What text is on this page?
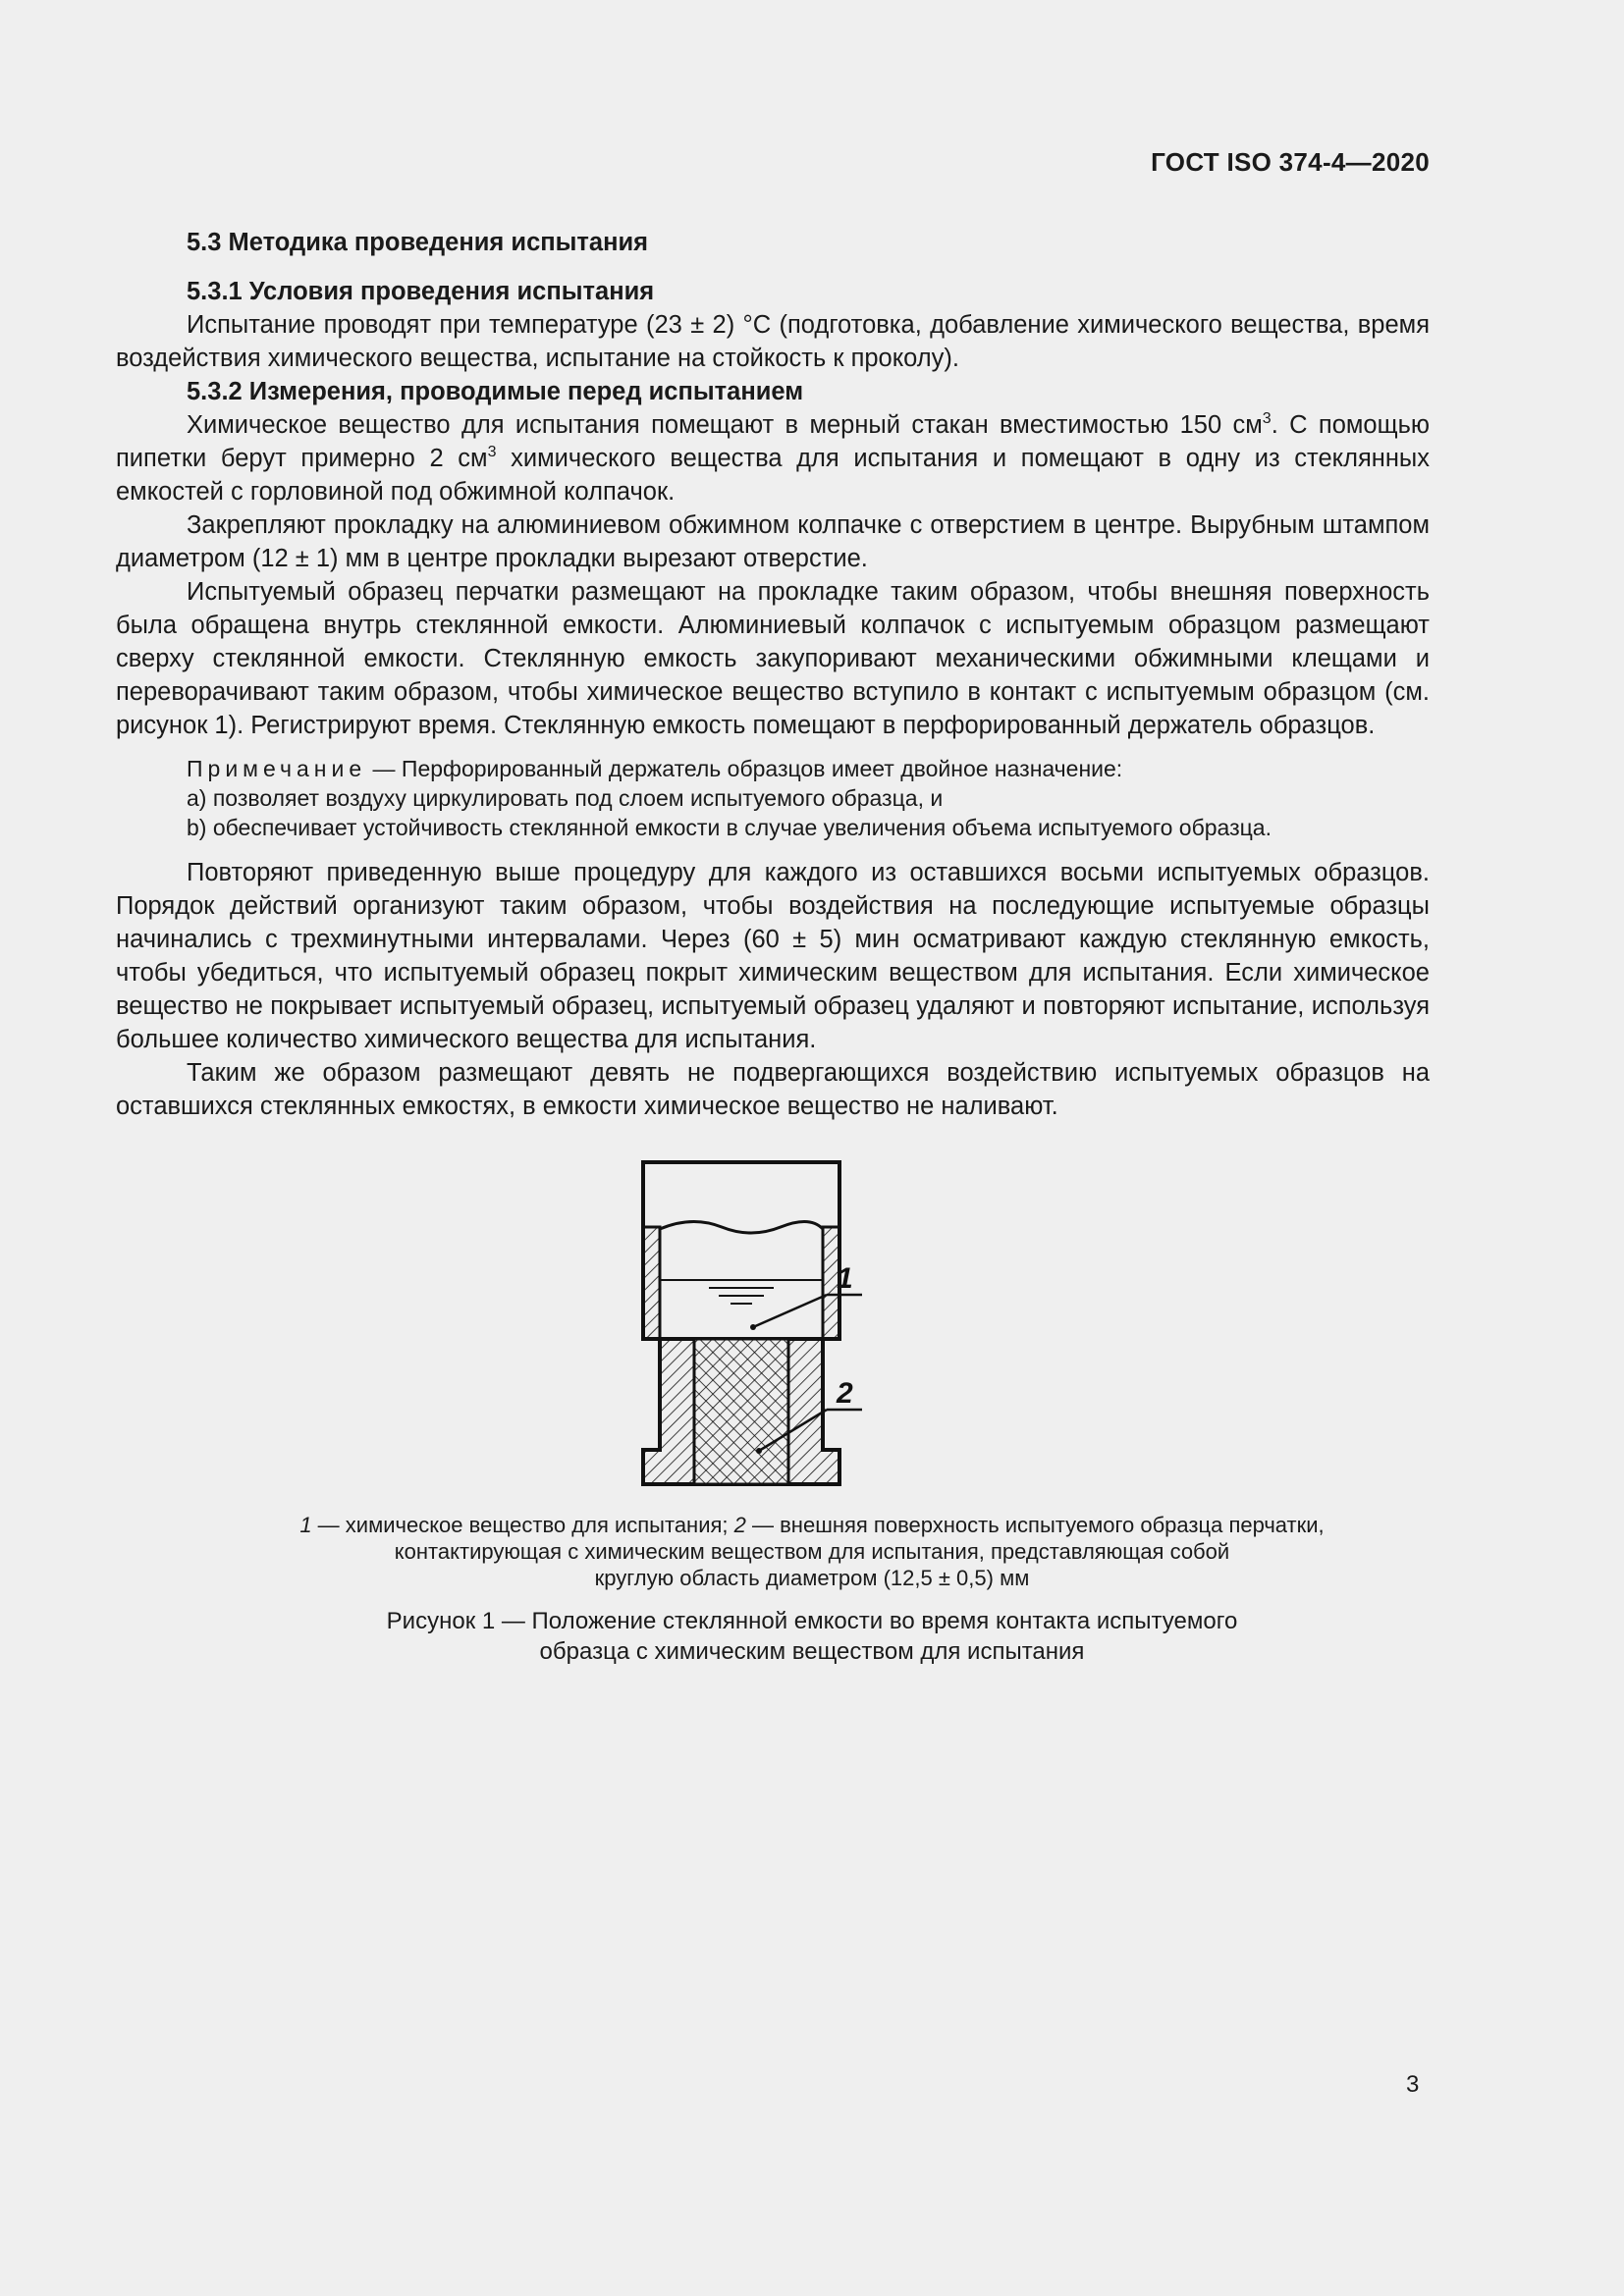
ГОСТ ISO 374-4—2020

5.3 Методика проведения испытания

5.3.1 Условия проведения испытания

Испытание проводят при температуре (23 ± 2) °С (подготовка, добавление химического вещества, время воздействия химического вещества, испытание на стойкость к проколу).

5.3.2 Измерения, проводимые перед испытанием

Химическое вещество для испытания помещают в мерный стакан вместимостью 150 $см^3$. С помощью пипетки берут примерно 2 $см^3$ химического вещества для испытания и помещают в одну из стеклянных емкостей с горловиной под обжимной колпачок.

Закрепляют прокладку на алюминиевом обжимном колпачке с отверстием в центре. Вырубным штампом диаметром (12 ± 1) мм в центре прокладки вырезают отверстие.

Испытуемый образец перчатки размещают на прокладке таким образом, чтобы внешняя поверхность была обращена внутрь стеклянной емкости. Алюминиевый колпачок с испытуемым образцом размещают сверху стеклянной емкости. Стеклянную емкость закупоривают механическими обжимными клещами и переворачивают таким образом, чтобы химическое вещество вступило в контакт с испытуемым образцом (см. рисунок 1). Регистрируют время. Стеклянную емкость помещают в перфорированный держатель образцов.

Примечание — Перфорированный держатель образцов имеет двойное назначение:
a) позволяет воздуху циркулировать под слоем испытуемого образца, и
b) обеспечивает устойчивость стеклянной емкости в случае увеличения объема испытуемого образца.

Повторяют приведенную выше процедуру для каждого из оставшихся восьми испытуемых образцов. Порядок действий организуют таким образом, чтобы воздействия на последующие испытуемые образцы начинались с трехминутными интервалами. Через (60 ± 5) мин осматривают каждую стеклянную емкость, чтобы убедиться, что испытуемый образец покрыт химическим веществом для испытания. Если химическое вещество не покрывает испытуемый образец, испытуемый образец удаляют и повторяют испытание, используя большее количество химического вещества для испытания.

Таким же образом размещают девять не подвергающихся воздействию испытуемых образцов на оставшихся стеклянных емкостях, в емкости химическое вещество не наливают.

1
2
1 — химическое вещество для испытания; 2 — внешняя поверхность испытуемого образца перчатки,
контактирующая с химическим веществом для испытания, представляющая собой
круглую область диаметром (12,5 ± 0,5) мм
Рисунок 1 — Положение стеклянной емкости во время контакта испытуемого
образца с химическим веществом для испытания
3
